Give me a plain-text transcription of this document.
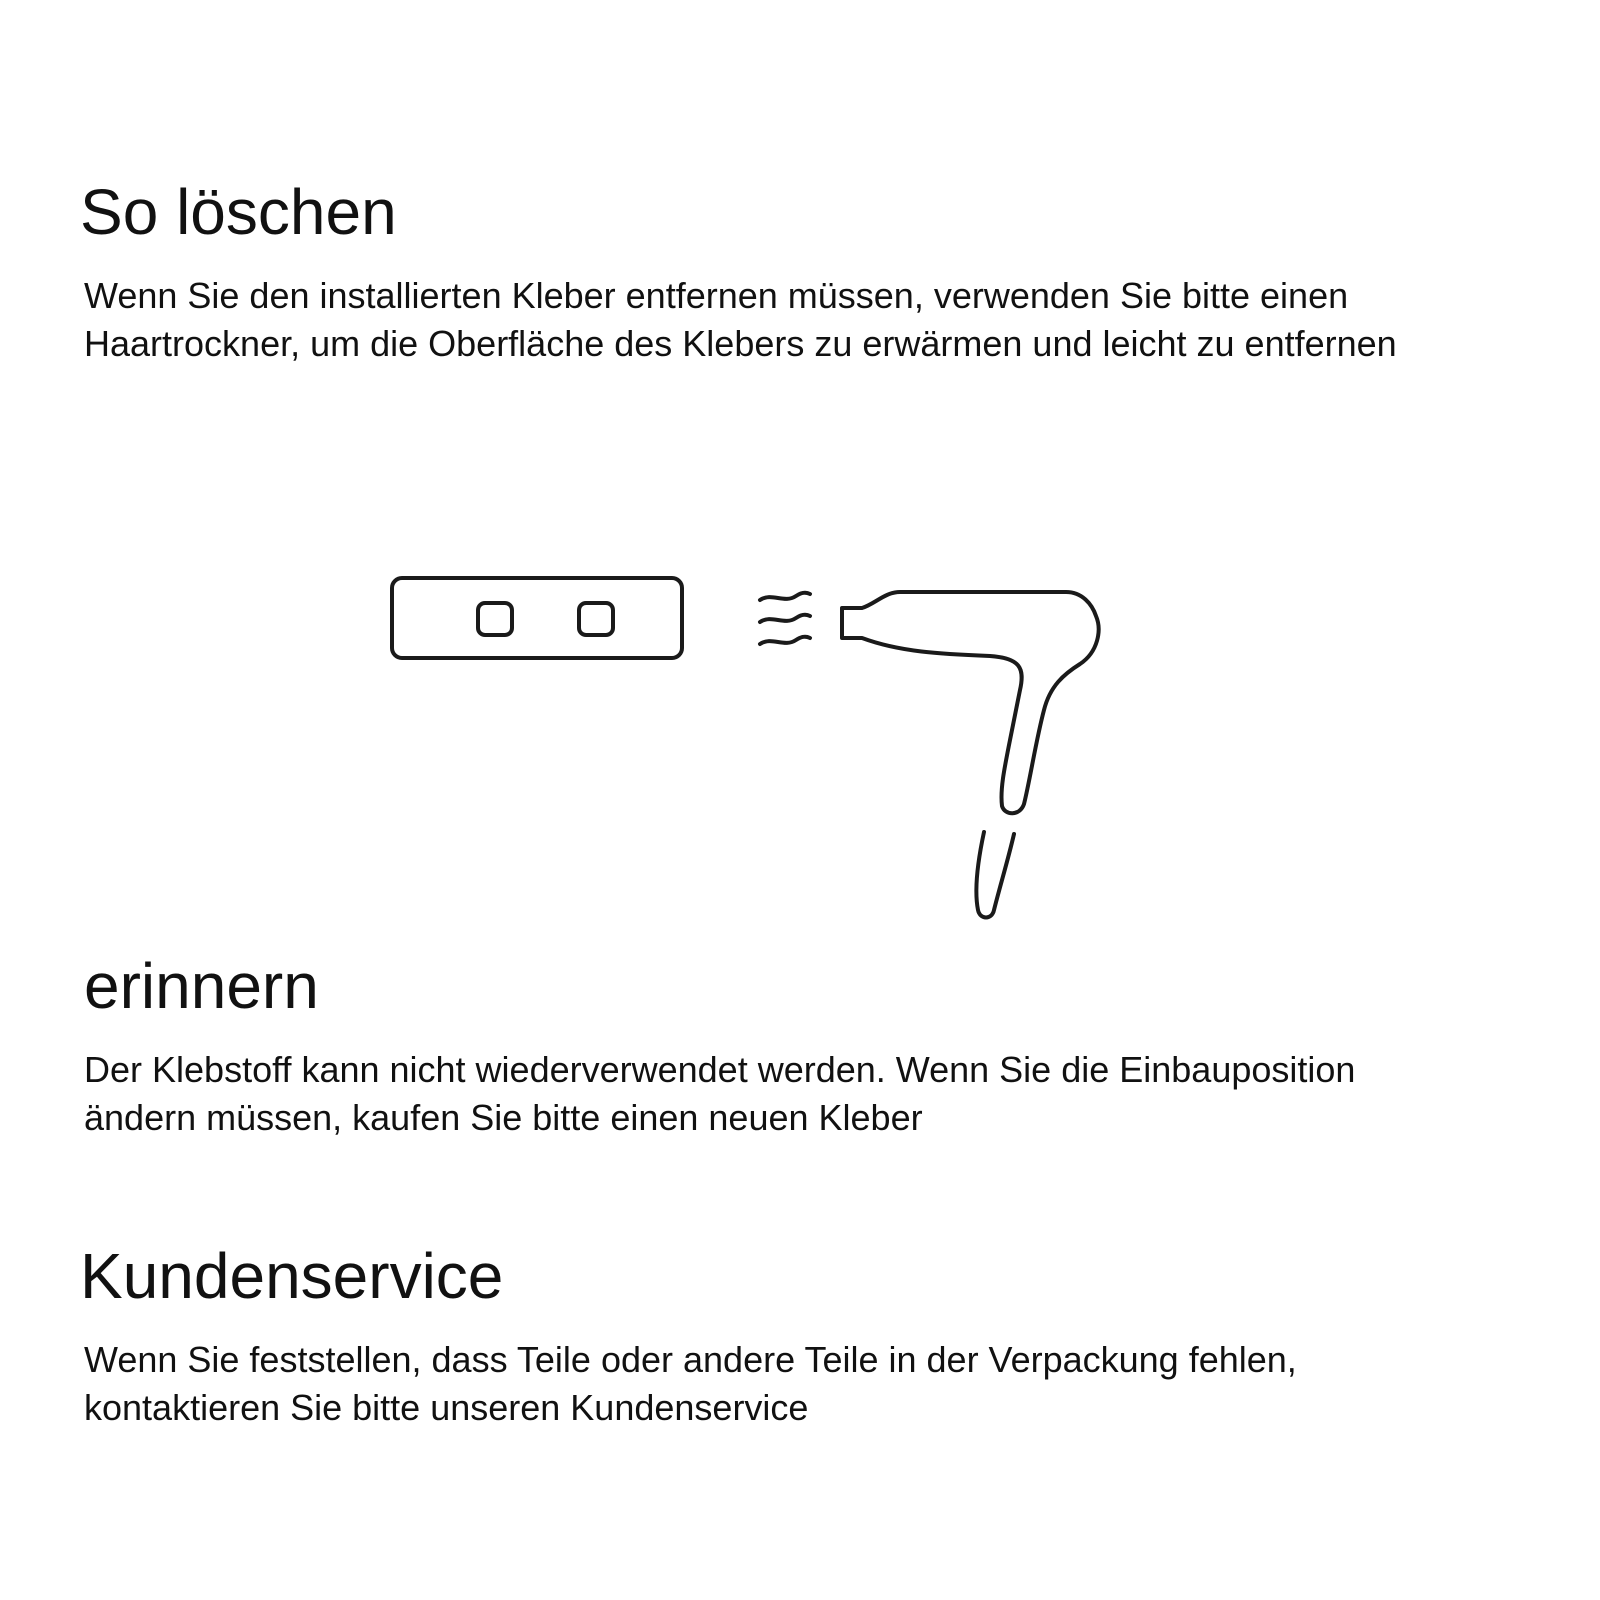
So löschen

Wenn Sie den installierten Kleber entfernen müssen, verwenden Sie bitte einen
Haartrockner, um die Oberfläche des Klebers zu erwärmen und leicht zu entfernen

erinnern

Der Klebstoff kann nicht wiederverwendet werden. Wenn Sie die Einbauposition
ändern müssen, kaufen Sie bitte einen neuen Kleber

Kundenservice

Wenn Sie feststellen, dass Teile oder andere Teile in der Verpackung fehlen,
kontaktieren Sie bitte unseren Kundenservice
